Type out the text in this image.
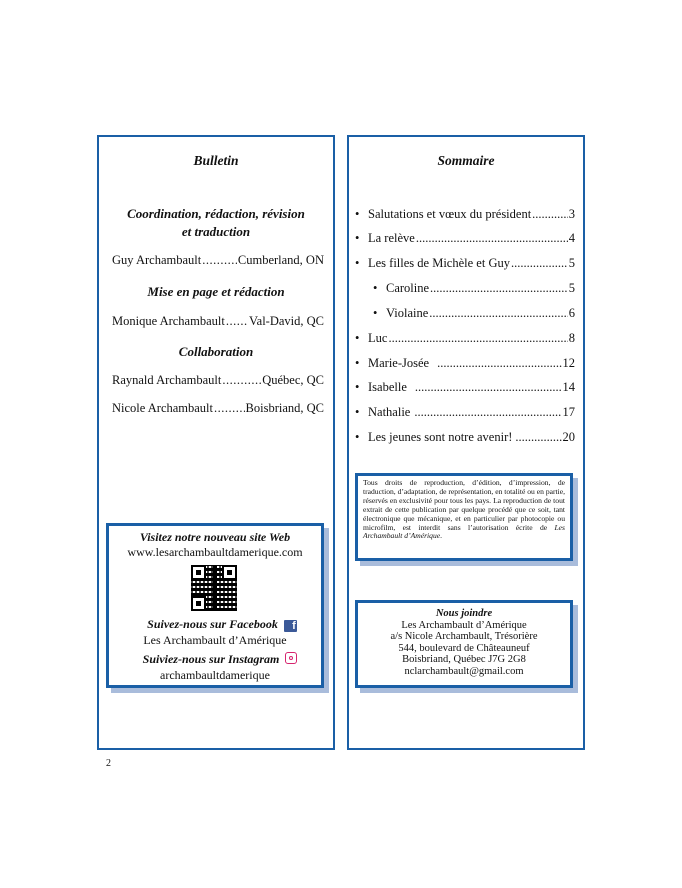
Bulletin
Coordination, rédaction, révision
et traduction
Guy Archambault .....	Cumberland, ON
Mise en page et rédaction
Monique Archambault ..... Val-David, QC
Collaboration
Raynald Archambault .....	Québec, QC
Nicole Archambault .....	Boisbriand, QC
Visitez notre nouveau site Web
www.lesarchambaultdamerique.com
Suivez-nous sur Facebook f
Les Archambault d’Amérique
Suiviez-nous sur Instagram
archambaultdamerique
Sommaire
• Salutations et vœux du président .....	3
• La relève .....	4
• Les filles de Michèle et Guy .....	5
• Caroline .....	5
• Violaine .....	6
• Luc .....	8
• Marie-Josée .....	12
• Isabelle .....	14
• Nathalie .....	17
• Les jeunes sont notre avenir! .....	20
Tous droits de reproduction, d’édition, d’impression, de traduction, d’adaptation, de représentation, en totalité ou en partie, réservés en exclusivité pour tous les pays. La reproduction de tout extrait de cette publication par quelque procédé que ce soit, tant électronique que mécanique, et en particulier par photocopie ou microfilm, est interdit sans l’autorisation écrite de Les Archambault d’Amérique.
Nous joindre
Les Archambault d’Amérique
a/s Nicole Archambault, Trésorière
544, boulevard de Châteauneuf
Boisbriand, Québec J7G 2G8
nclarchambault@gmail.com
2
